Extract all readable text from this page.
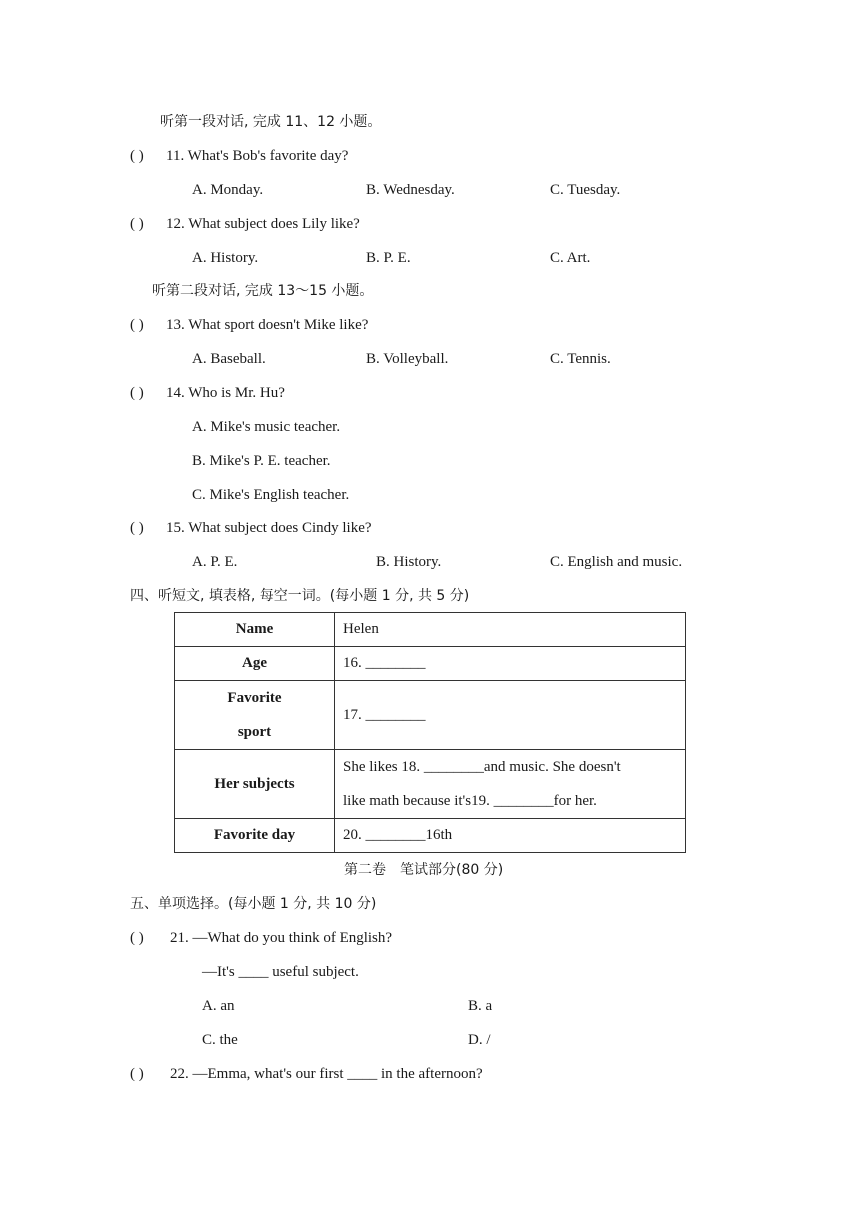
听第一段对话, 完成 11、12 小题。
( ) 11. What's Bob's favorite day?
A. Monday.	B. Wednesday.	C. Tuesday.
( ) 12. What subject does Lily like?
A. History.	B. P. E.	C. Art.
听第二段对话, 完成 13～15 小题。
( ) 13. What sport doesn't Mike like?
A. Baseball.	B. Volleyball.	C. Tennis.
( ) 14. Who is Mr. Hu?
A. Mike's music teacher.
B. Mike's P. E. teacher.
C. Mike's English teacher.
( ) 15. What subject does Cindy like?
A. P. E.	B. History.	C. English and music.
四、听短文, 填表格, 每空一词。(每小题 1 分, 共 5 分)
Name	Helen
Age	16. ________

Favorite
sport	17. ________
Her subjects	She likes 18. ________and music. She doesn't
like math because it's19. ________for her.

Favorite day	20. ________16th
第二卷　笔试部分(80 分)
五、单项选择。(每小题 1 分, 共 10 分)
( ) 21. —What do you think of English?
—It's ____ useful subject.
A. an	B. a
C. the	D. /
( ) 22. —Emma, what's our first ____ in the afternoon?
